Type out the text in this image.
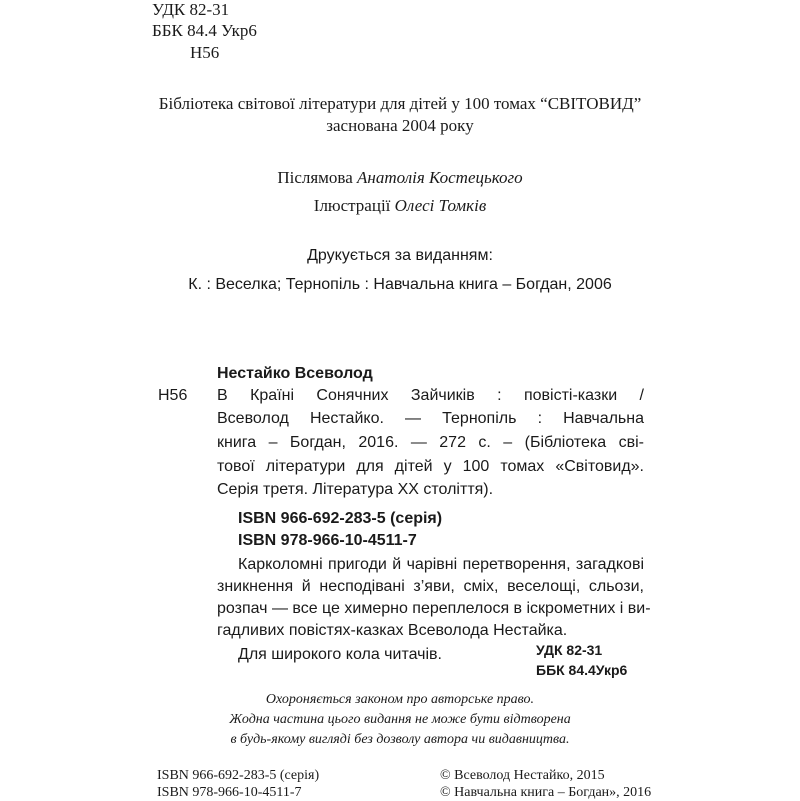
УДК 82-31
ББК 84.4 Укр6
Н56
Бібліотека світової літератури для дітей у 100 томах “СВІТОВИД”
заснована 2004 року
Післямова Анатолія Костецького
Ілюстрації Олесі Томків
Друкується за виданням:
К. : Веселка; Тернопіль : Навчальна книга – Богдан, 2006
Нестайко Всеволод
Н56 В Країні Сонячних Зайчиків : повісті-казки /
Всеволод Нестайко. — Тернопіль : Навчальна
книга – Богдан, 2016. — 272 с. – (Бібліотека сві-
тової літератури для дітей у 100 томах «Світовид».
Серія третя. Література ХХ століття).
ISBN 966-692-283-5 (серія)
ISBN 978-966-10-4511-7
Карколомні пригоди й чарівні перетворення, загадкові
зникнення й несподівані з’яви, сміх, веселощі, сльози,
розпач — все це химерно переплелося в іскрометних і ви-
гадливих повістях-казках Всеволода Нестайка.
Для широкого кола читачів.	УДК 82-31
ББК 84.4Укр6
Охороняється законом про авторське право.
Жодна частина цього видання не може бути відтворена
в будь-якому вигляді без дозволу автора чи видавництва.
ISBN 966-692-283-5 (серія)
ISBN 978-966-10-4511-7
© Всеволод Нестайко, 2015
© Навчальна книга – Богдан», 2016
